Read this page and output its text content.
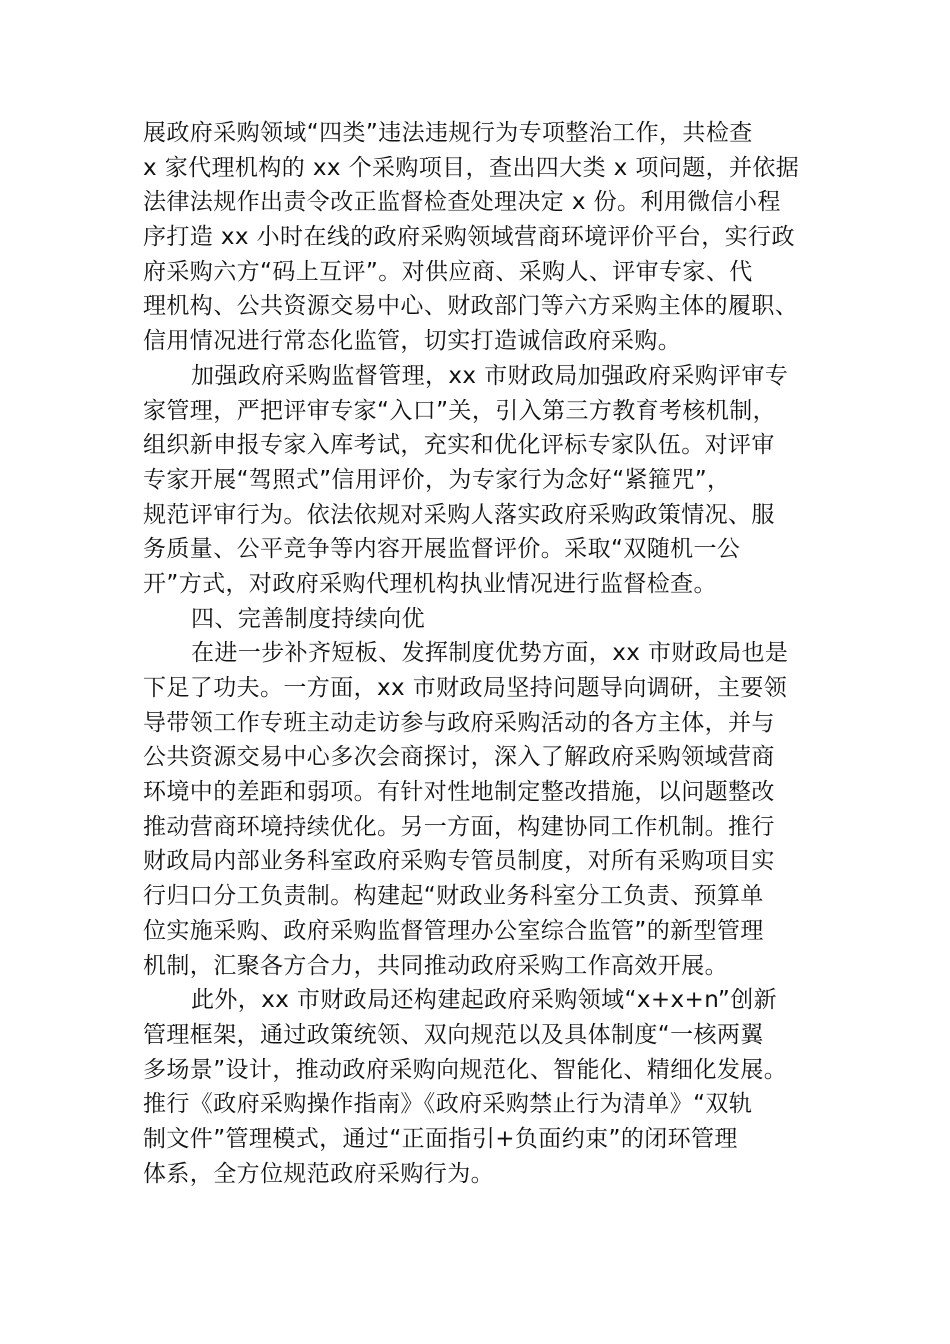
展政府采购领域“四类”违法违规行为专项整治工作，共检查
x 家代理机构的 xx 个采购项目，查出四大类 x 项问题，并依据
法律法规作出责令改正监督检查处理决定 x 份。利用微信小程
序打造 xx 小时在线的政府采购领域营商环境评价平台，实行政
府采购六方“码上互评”。对供应商、采购人、评审专家、代
理机构、公共资源交易中心、财政部门等六方采购主体的履职、
信用情况进行常态化监管，切实打造诚信政府采购。
加强政府采购监督管理，xx 市财政局加强政府采购评审专
家管理，严把评审专家“入口”关，引入第三方教育考核机制，
组织新申报专家入库考试，充实和优化评标专家队伍。对评审
专家开展“驾照式”信用评价，为专家行为念好“紧箍咒”，
规范评审行为。依法依规对采购人落实政府采购政策情况、服
务质量、公平竞争等内容开展监督评价。采取“双随机一公
开”方式，对政府采购代理机构执业情况进行监督检查。
四、完善制度持续向优
在进一步补齐短板、发挥制度优势方面，xx 市财政局也是
下足了功夫。一方面，xx 市财政局坚持问题导向调研，主要领
导带领工作专班主动走访参与政府采购活动的各方主体，并与
公共资源交易中心多次会商探讨，深入了解政府采购领域营商
环境中的差距和弱项。有针对性地制定整改措施，以问题整改
推动营商环境持续优化。另一方面，构建协同工作机制。推行
财政局内部业务科室政府采购专管员制度，对所有采购项目实
行归口分工负责制。构建起“财政业务科室分工负责、预算单
位实施采购、政府采购监督管理办公室综合监管”的新型管理
机制，汇聚各方合力，共同推动政府采购工作高效开展。
此外，xx 市财政局还构建起政府采购领域“x+x+n”创新
管理框架，通过政策统领、双向规范以及具体制度“一核两翼
多场景”设计，推动政府采购向规范化、智能化、精细化发展。
推行《政府采购操作指南》《政府采购禁止行为清单》“双轨
制文件”管理模式，通过“正面指引+负面约束”的闭环管理
体系，全方位规范政府采购行为。
